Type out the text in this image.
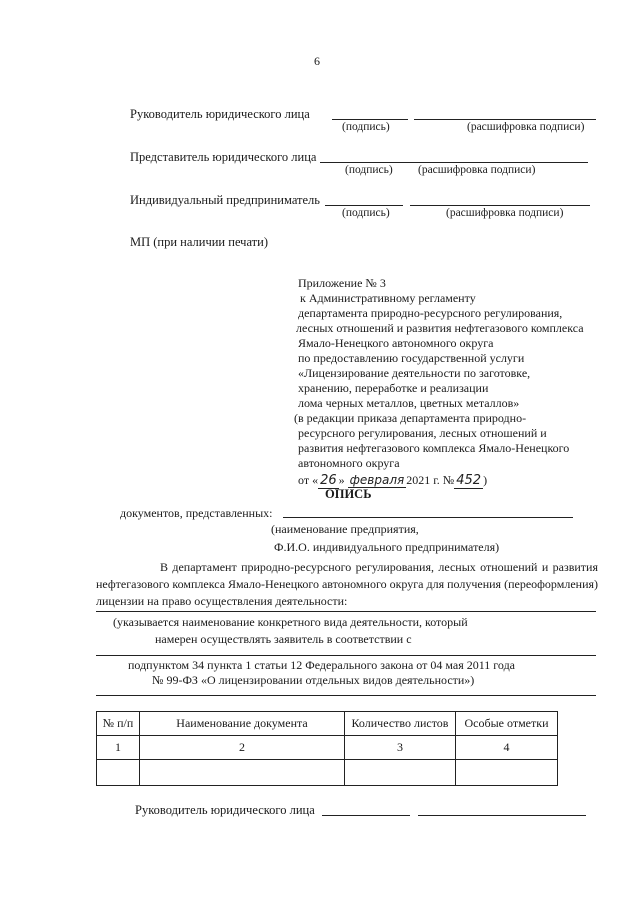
6
Руководитель юридического лица
(подпись)	(расшифровка подписи)
Представитель юридического лица
(подпись) (расшифровка подписи)
Индивидуальный предприниматель
(подпись)	(расшифровка подписи)
МП (при наличии печати)
Приложение № 3
к Административному регламенту
департамента природно-ресурсного регулирования,
лесных отношений и развития нефтегазового комплекса
Ямало-Ненецкого автономного округа
по предоставлению государственной услуги
«Лицензирование деятельности по заготовке,
хранению, переработке и реализации
лома черных металлов, цветных металлов»
(в редакции приказа департамента природно-
ресурсного регулирования, лесных отношений и
развития нефтегазового комплекса Ямало-Ненецкого
автономного округа
от « 26 » февраля 2021 г. № 452 )
ОПИСЬ
документов, представленных:
(наименование предприятия,
Ф.И.О. индивидуального предпринимателя)
В департамент природно-ресурсного регулирования, лесных отношений и развития нефтегазового комплекса Ямало-Ненецкого автономного округа для получения (переоформления) лицензии на право осуществления деятельности:
(указывается наименование конкретного вида деятельности, который
намерен осуществлять заявитель в соответствии с
подпунктом 34 пункта 1 статьи 12 Федерального закона от 04 мая 2011 года
№ 99-ФЗ «О лицензировании отдельных видов деятельности»)
№ п/п	Наименование документа	Количество листов	Особые отметки
1	2	3	4

Руководитель юридического лица
